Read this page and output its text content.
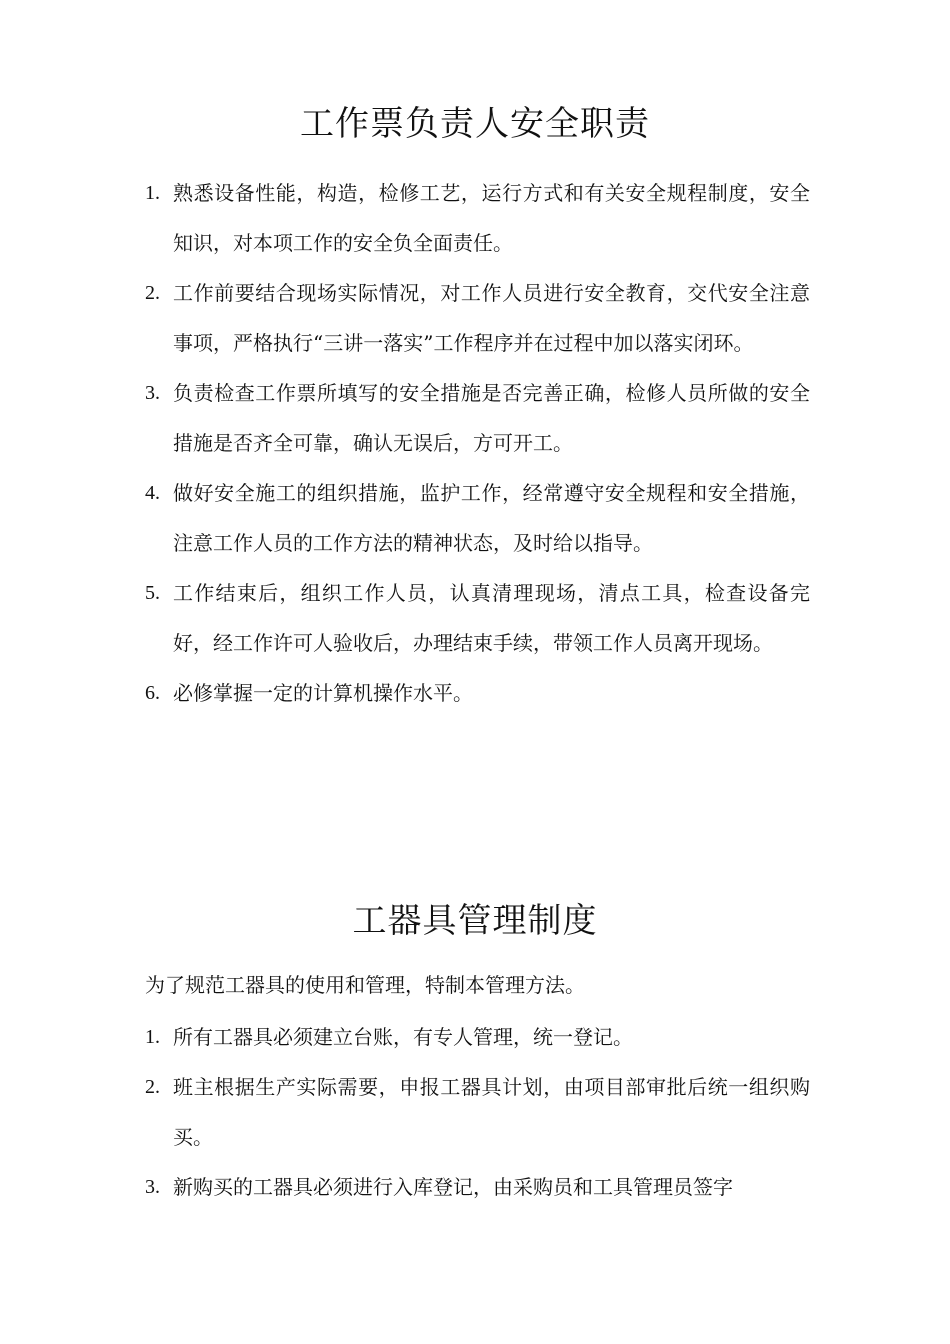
工作票负责人安全职责
1. 熟悉设备性能，构造，检修工艺，运行方式和有关安全规程制度，安全知识，对本项工作的安全负全面责任。
2. 工作前要结合现场实际情况，对工作人员进行安全教育，交代安全注意事项，严格执行“三讲一落实”工作程序并在过程中加以落实闭环。
3. 负责检查工作票所填写的安全措施是否完善正确，检修人员所做的安全措施是否齐全可靠，确认无误后，方可开工。
4. 做好安全施工的组织措施，监护工作，经常遵守安全规程和安全措施，注意工作人员的工作方法的精神状态，及时给以指导。
5. 工作结束后，组织工作人员，认真清理现场，清点工具，检查设备完好，经工作许可人验收后，办理结束手续，带领工作人员离开现场。
6. 必修掌握一定的计算机操作水平。
工器具管理制度

为了规范工器具的使用和管理，特制本管理方法。

1. 所有工器具必须建立台账，有专人管理，统一登记。
2. 班主根据生产实际需要，申报工器具计划，由项目部审批后统一组织购买。
3. 新购买的工器具必须进行入库登记，由采购员和工具管理员签字
